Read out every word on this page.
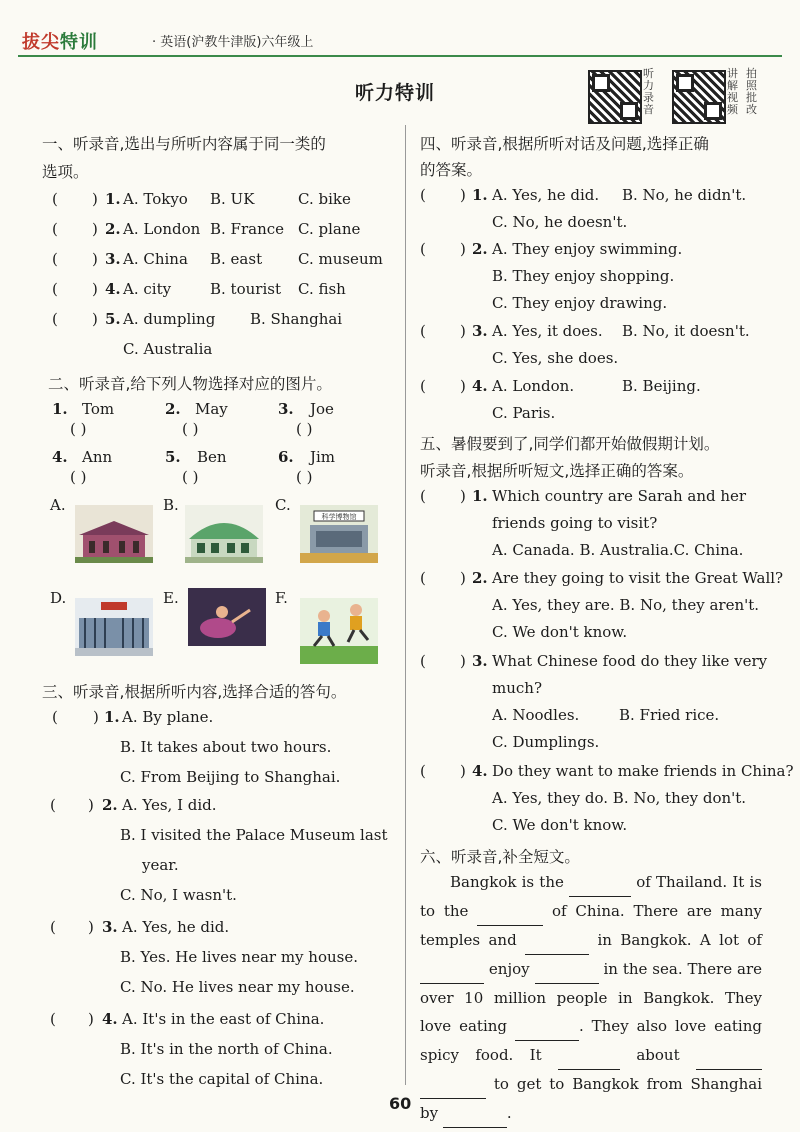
拔尖特训	· 英语(沪教牛津版)六年级上
听力特训
听力录音
讲解视频
拍照批改
一、听录音,选出与所听内容属于同一类的
选项。
( ) 1. A. Tokyo B. UK	C. bike
( ) 2. A. London B. France C. plane
( ) 3. A. China B. east C. museum
( ) 4. A. city	B. tourist C. fish
( ) 5. A. dumpling B. Shanghai
C. Australia
二、听录音,给下列人物选择对应的图片。
1. Tom
( )
2. May
( )
3. Joe
( )
4. Ann
( )
5. Ben
( )
6. Jim
( )
A.	B.	C.
科学博物馆
D.	E.	F.
三、听录音,根据所听内容,选择合适的答句。
( ) 1. A. By plane.
B. It takes about two hours.
C. From Beijing to Shanghai.
( ) 2. A. Yes, I did.
B. I visited the Palace Museum last
year.
C. No, I wasn't.
( ) 3. A. Yes, he did.
B. Yes. He lives near my house.
C. No. He lives near my house.
( ) 4. A. It's in the east of China.
B. It's in the north of China.
C. It's the capital of China.
四、听录音,根据所听对话及问题,选择正确
的答案。
( ) 1. A. Yes, he did. B. No, he didn't.
C. No, he doesn't.
( ) 2. A. They enjoy swimming.
B. They enjoy shopping.
C. They enjoy drawing.
( ) 3. A. Yes, it does. B. No, it doesn't.
C. Yes, she does.
( ) 4. A. London.	B. Beijing.
C. Paris.
五、暑假要到了,同学们都开始做假期计划。
听录音,根据所听短文,选择正确的答案。
( ) 1. Which country are Sarah and her
friends going to visit?
A. Canada. B. Australia.C. China.
( ) 2. Are they going to visit the Great Wall?
A. Yes, they are. B. No, they aren't.
C. We don't know.
( ) 3. What Chinese food do they like very
much?
A. Noodles.	B. Fried rice.
C. Dumplings.
( ) 4. Do they want to make friends in China?
A. Yes, they do. B. No, they don't.
C. We don't know.
六、听录音,补全短文。
Bangkok is the	of Thailand. It is to the	of China. There are many temples and	in Bangkok. A lot of   enjoy	in the sea. There are over 10 million people in Bangkok. They love eating	. They also love eating spicy food. It	about     to get to Bangkok from Shanghai by	.
60
